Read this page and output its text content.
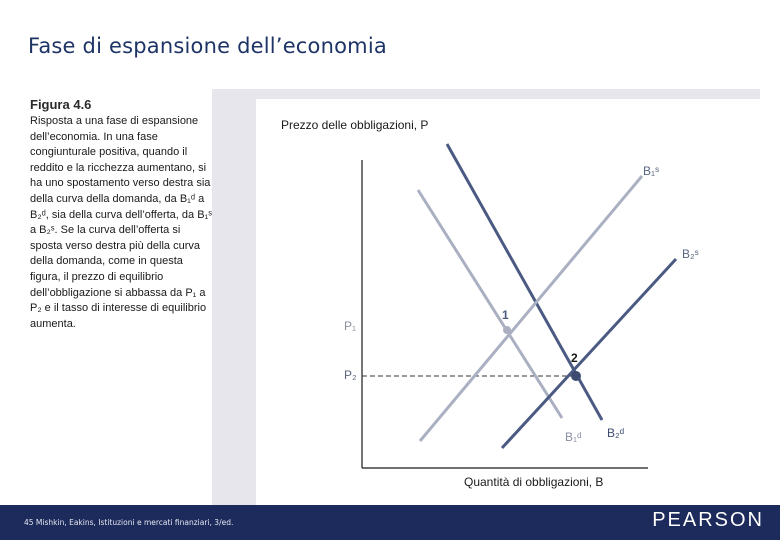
Fase di espansione dell’economia
Figura 4.6
Risposta a una fase di espansione dell’economia. In una fase congiunturale positiva, quando il reddito e la ricchezza aumentano, si ha uno spostamento verso destra sia della curva della domanda, da B₁ᵈ a B₂ᵈ, sia della curva dell’offerta, da B₁ˢ a B₂ˢ. Se la curva dell’offerta si sposta verso destra più della curva della domanda, come in questa figura, il prezzo di equilibrio dell’obbligazione si abbassa da P₁ a P₂ e il tasso di interesse di equilibrio aumenta.
Prezzo delle obbligazioni, P
Quantità di obbligazioni, B
B₁ˢ
B₂ˢ
B₁ᵈ B₂ᵈ
P₁
P₂
1
2
45 Mishkin, Eakins, Istituzioni e mercati finanziari, 3/ed.	PEARSON
